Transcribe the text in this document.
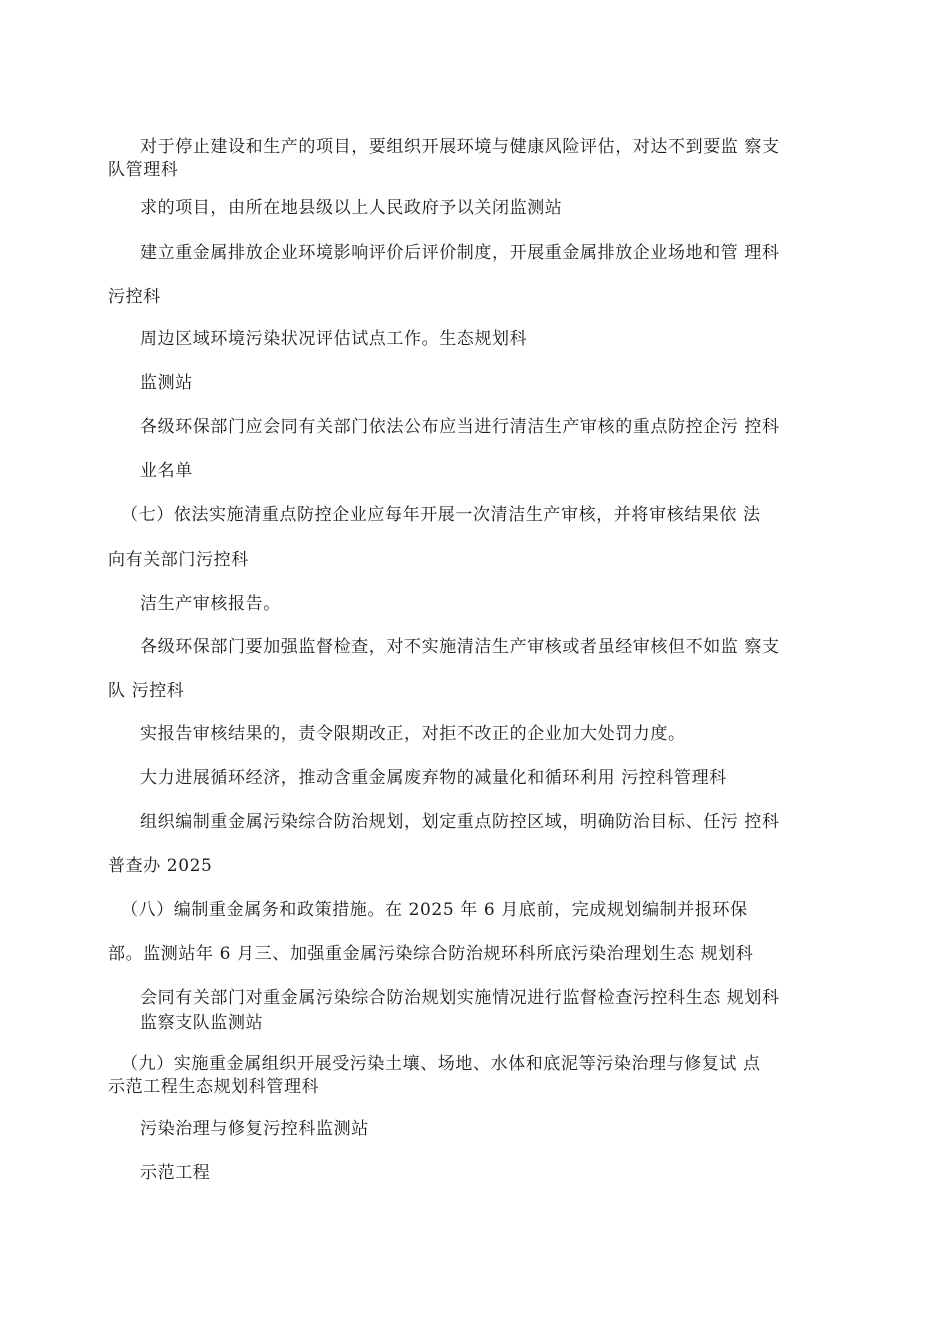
对于停止建设和生产的项目，要组织开展环境与健康风险评估，对达不到要监 察支
队管理科
求的项目，由所在地县级以上人民政府予以关闭监测站
建立重金属排放企业环境影响评价后评价制度，开展重金属排放企业场地和管 理科
污控科
周边区域环境污染状况评估试点工作。生态规划科
监测站
各级环保部门应会同有关部门依法公布应当进行清洁生产审核的重点防控企污 控科
业名单
（七）依法实施清重点防控企业应每年开展一次清洁生产审核，并将审核结果依 法
向有关部门污控科
洁生产审核报告。
各级环保部门要加强监督检查，对不实施清洁生产审核或者虽经审核但不如监 察支
队 污控科
实报告审核结果的，责令限期改正，对拒不改正的企业加大处罚力度。
大力进展循环经济，推动含重金属废弃物的减量化和循环利用 污控科管理科
组织编制重金属污染综合防治规划，划定重点防控区域，明确防治目标、任污 控科
普查办 2025
（八）编制重金属务和政策措施。在 2025 年 6 月底前，完成规划编制并报环保
部。监测站年 6 月三、加强重金属污染综合防治规环科所底污染治理划生态 规划科
会同有关部门对重金属污染综合防治规划实施情况进行监督检查污控科生态 规划科
监察支队监测站
（九）实施重金属组织开展受污染土壤、场地、水体和底泥等污染治理与修复试 点
示范工程生态规划科管理科
污染治理与修复污控科监测站
示范工程
